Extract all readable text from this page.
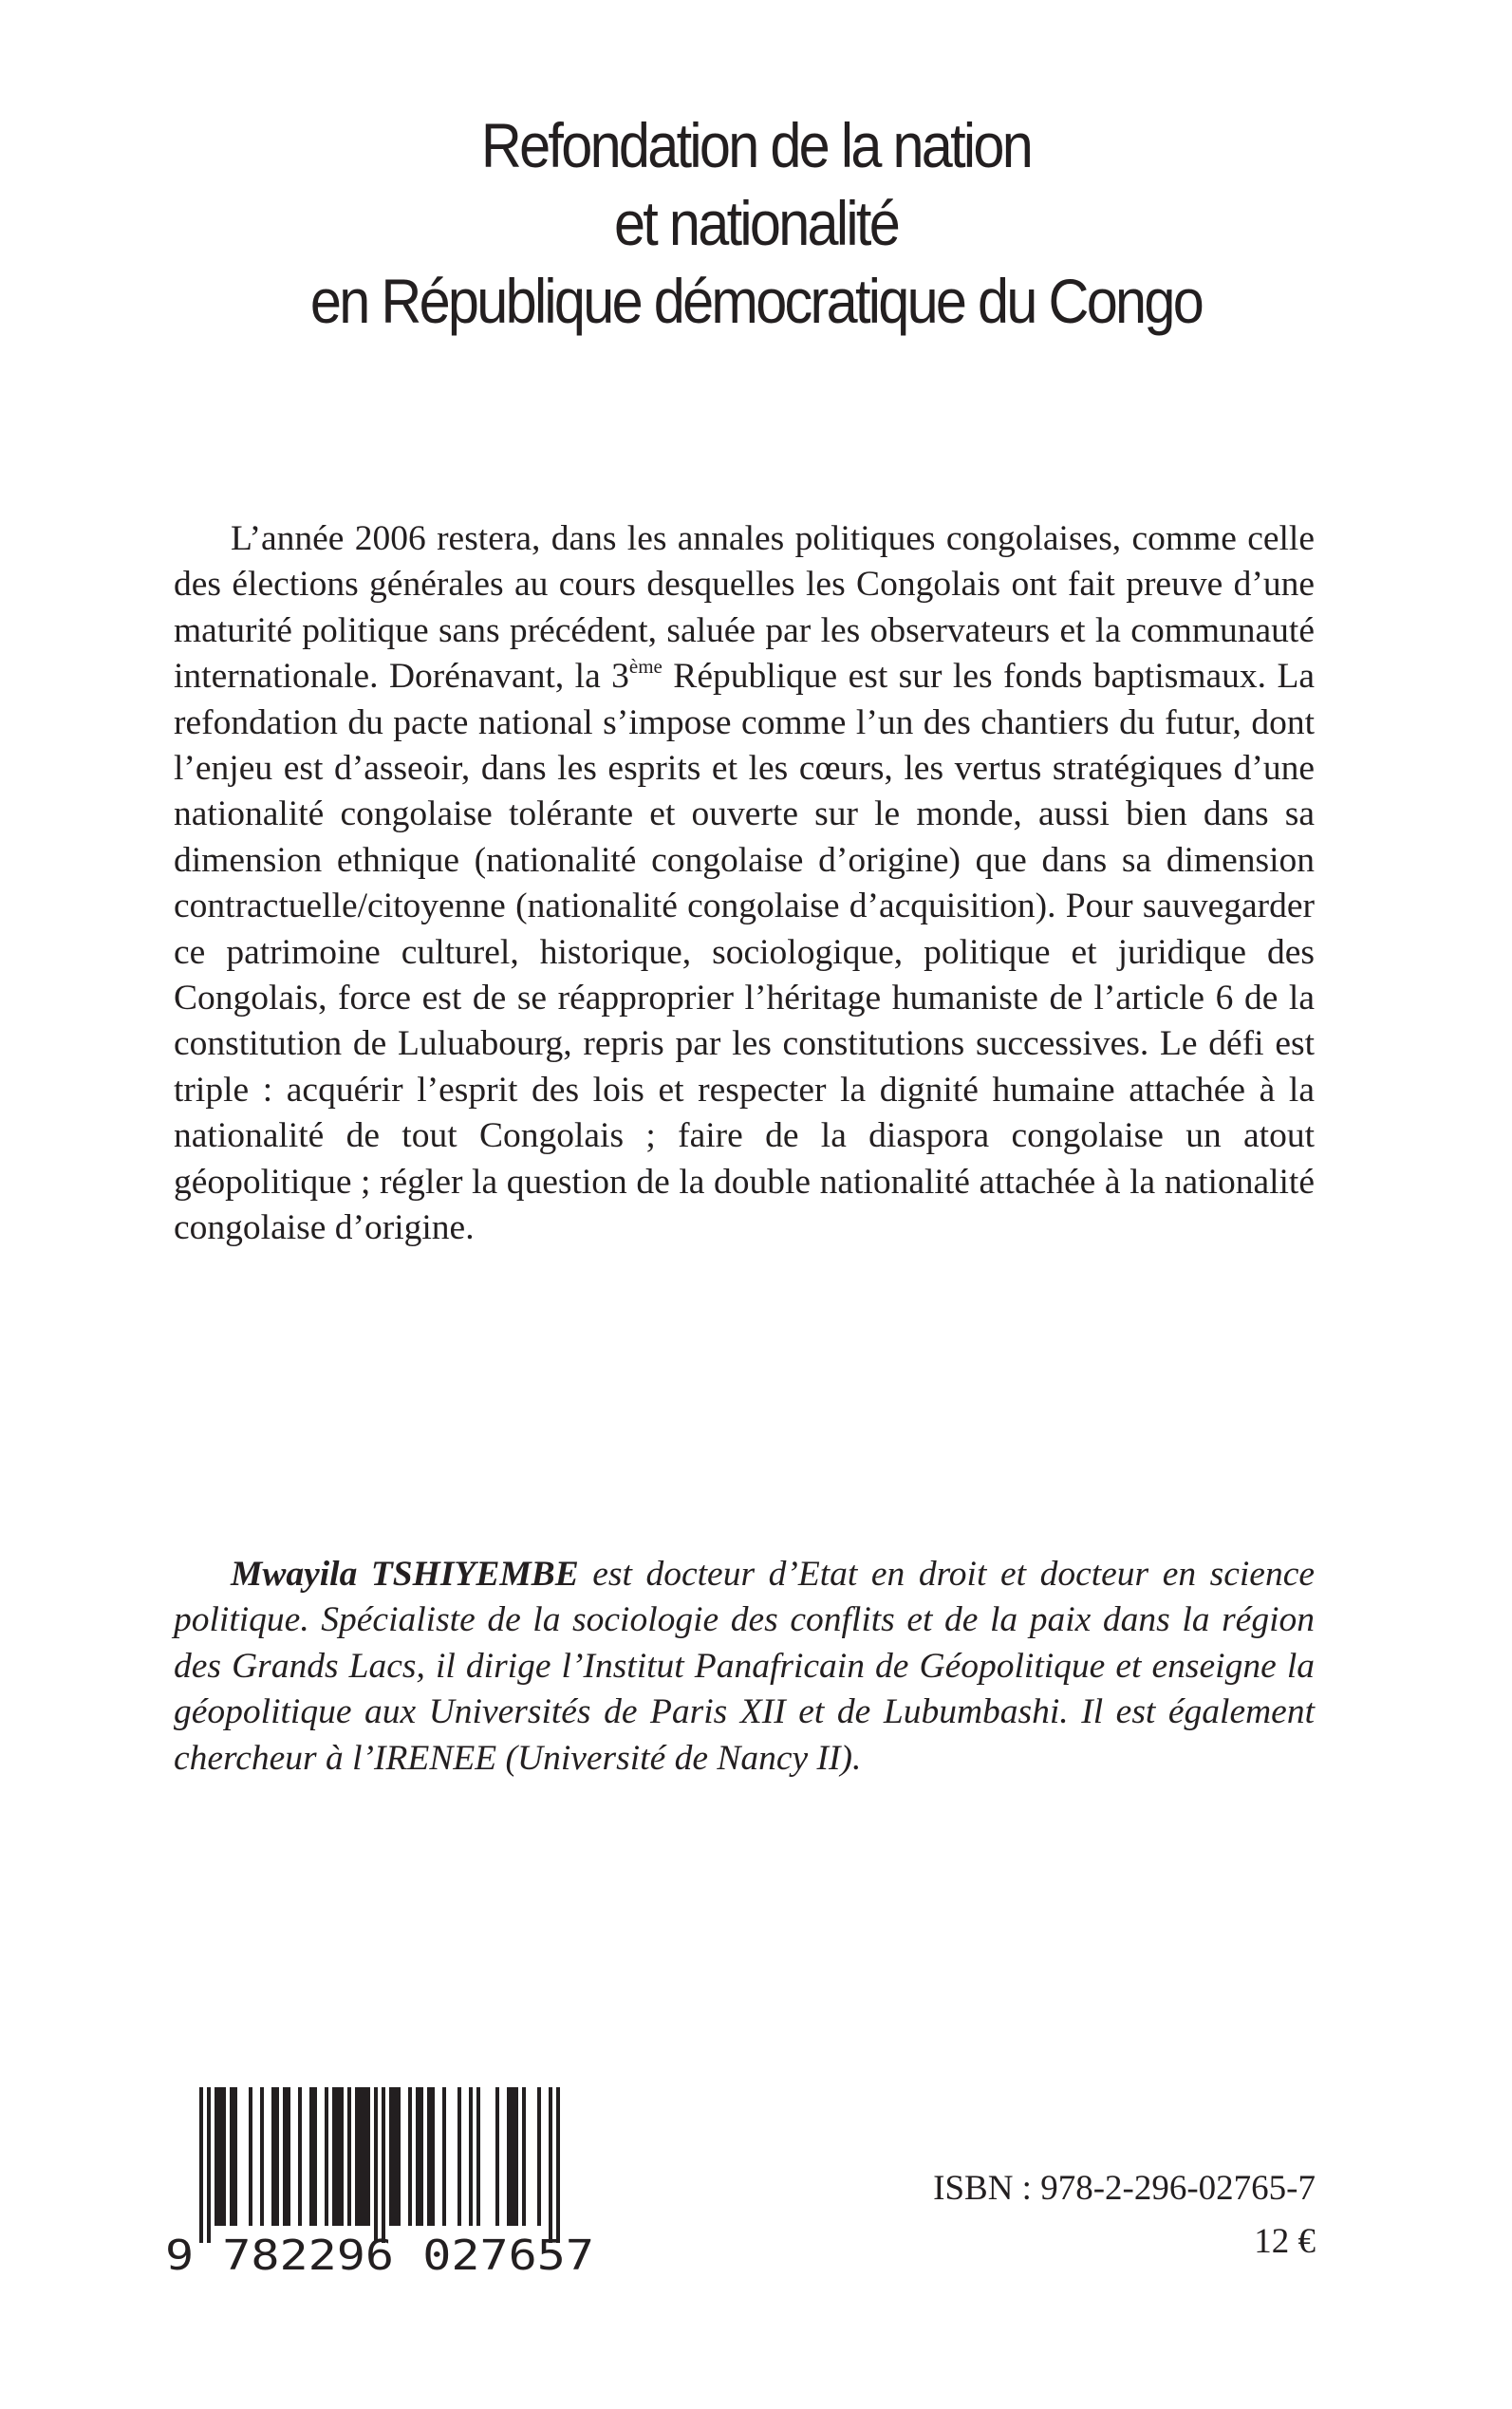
Refondation de la nation
et nationalité
en République démocratique du Congo

L’année 2006 restera, dans les annales politiques congolaises, comme celle des élections générales au cours desquelles les Congolais ont fait preuve d’une maturité politique sans précédent, saluée par les observateurs et la communauté internationale. Dorénavant, la 3ème République est sur les fonds baptismaux. La refondation du pacte national s’impose comme l’un des chantiers du futur, dont l’enjeu est d’asseoir, dans les esprits et les cœurs, les vertus stratégiques d’une nationalité congolaise tolérante et ouverte sur le monde, aussi bien dans sa dimension ethnique (nationalité congolaise d’origine) que dans sa dimension contractuelle/citoyenne (nationalité congolaise d’acquisition). Pour sauvegarder ce patrimoine culturel, historique, sociologique, politique et juridique des Congolais, force est de se réapproprier l’héritage humaniste de l’article 6 de la constitution de Luluabourg, repris par les constitutions successives. Le défi est triple : acquérir l’esprit des lois et respecter la dignité humaine attachée à la nationalité de tout Congolais ; faire de la diaspora congolaise un atout géopolitique ; régler la question de la double nationalité attachée à la nationalité congolaise d’origine.

Mwayila TSHIYEMBE est docteur d’Etat en droit et docteur en science politique. Spécialiste de la sociologie des conflits et de la paix dans la région des Grands Lacs, il dirige l’Institut Panafricain de Géopolitique et enseigne la géopolitique aux Universités de Paris XII et de Lubumbashi. Il est également chercheur à l’IRENEE (Université de Nancy II).

9 782296 027657
ISBN : 978-2-296-02765-7
12 €
